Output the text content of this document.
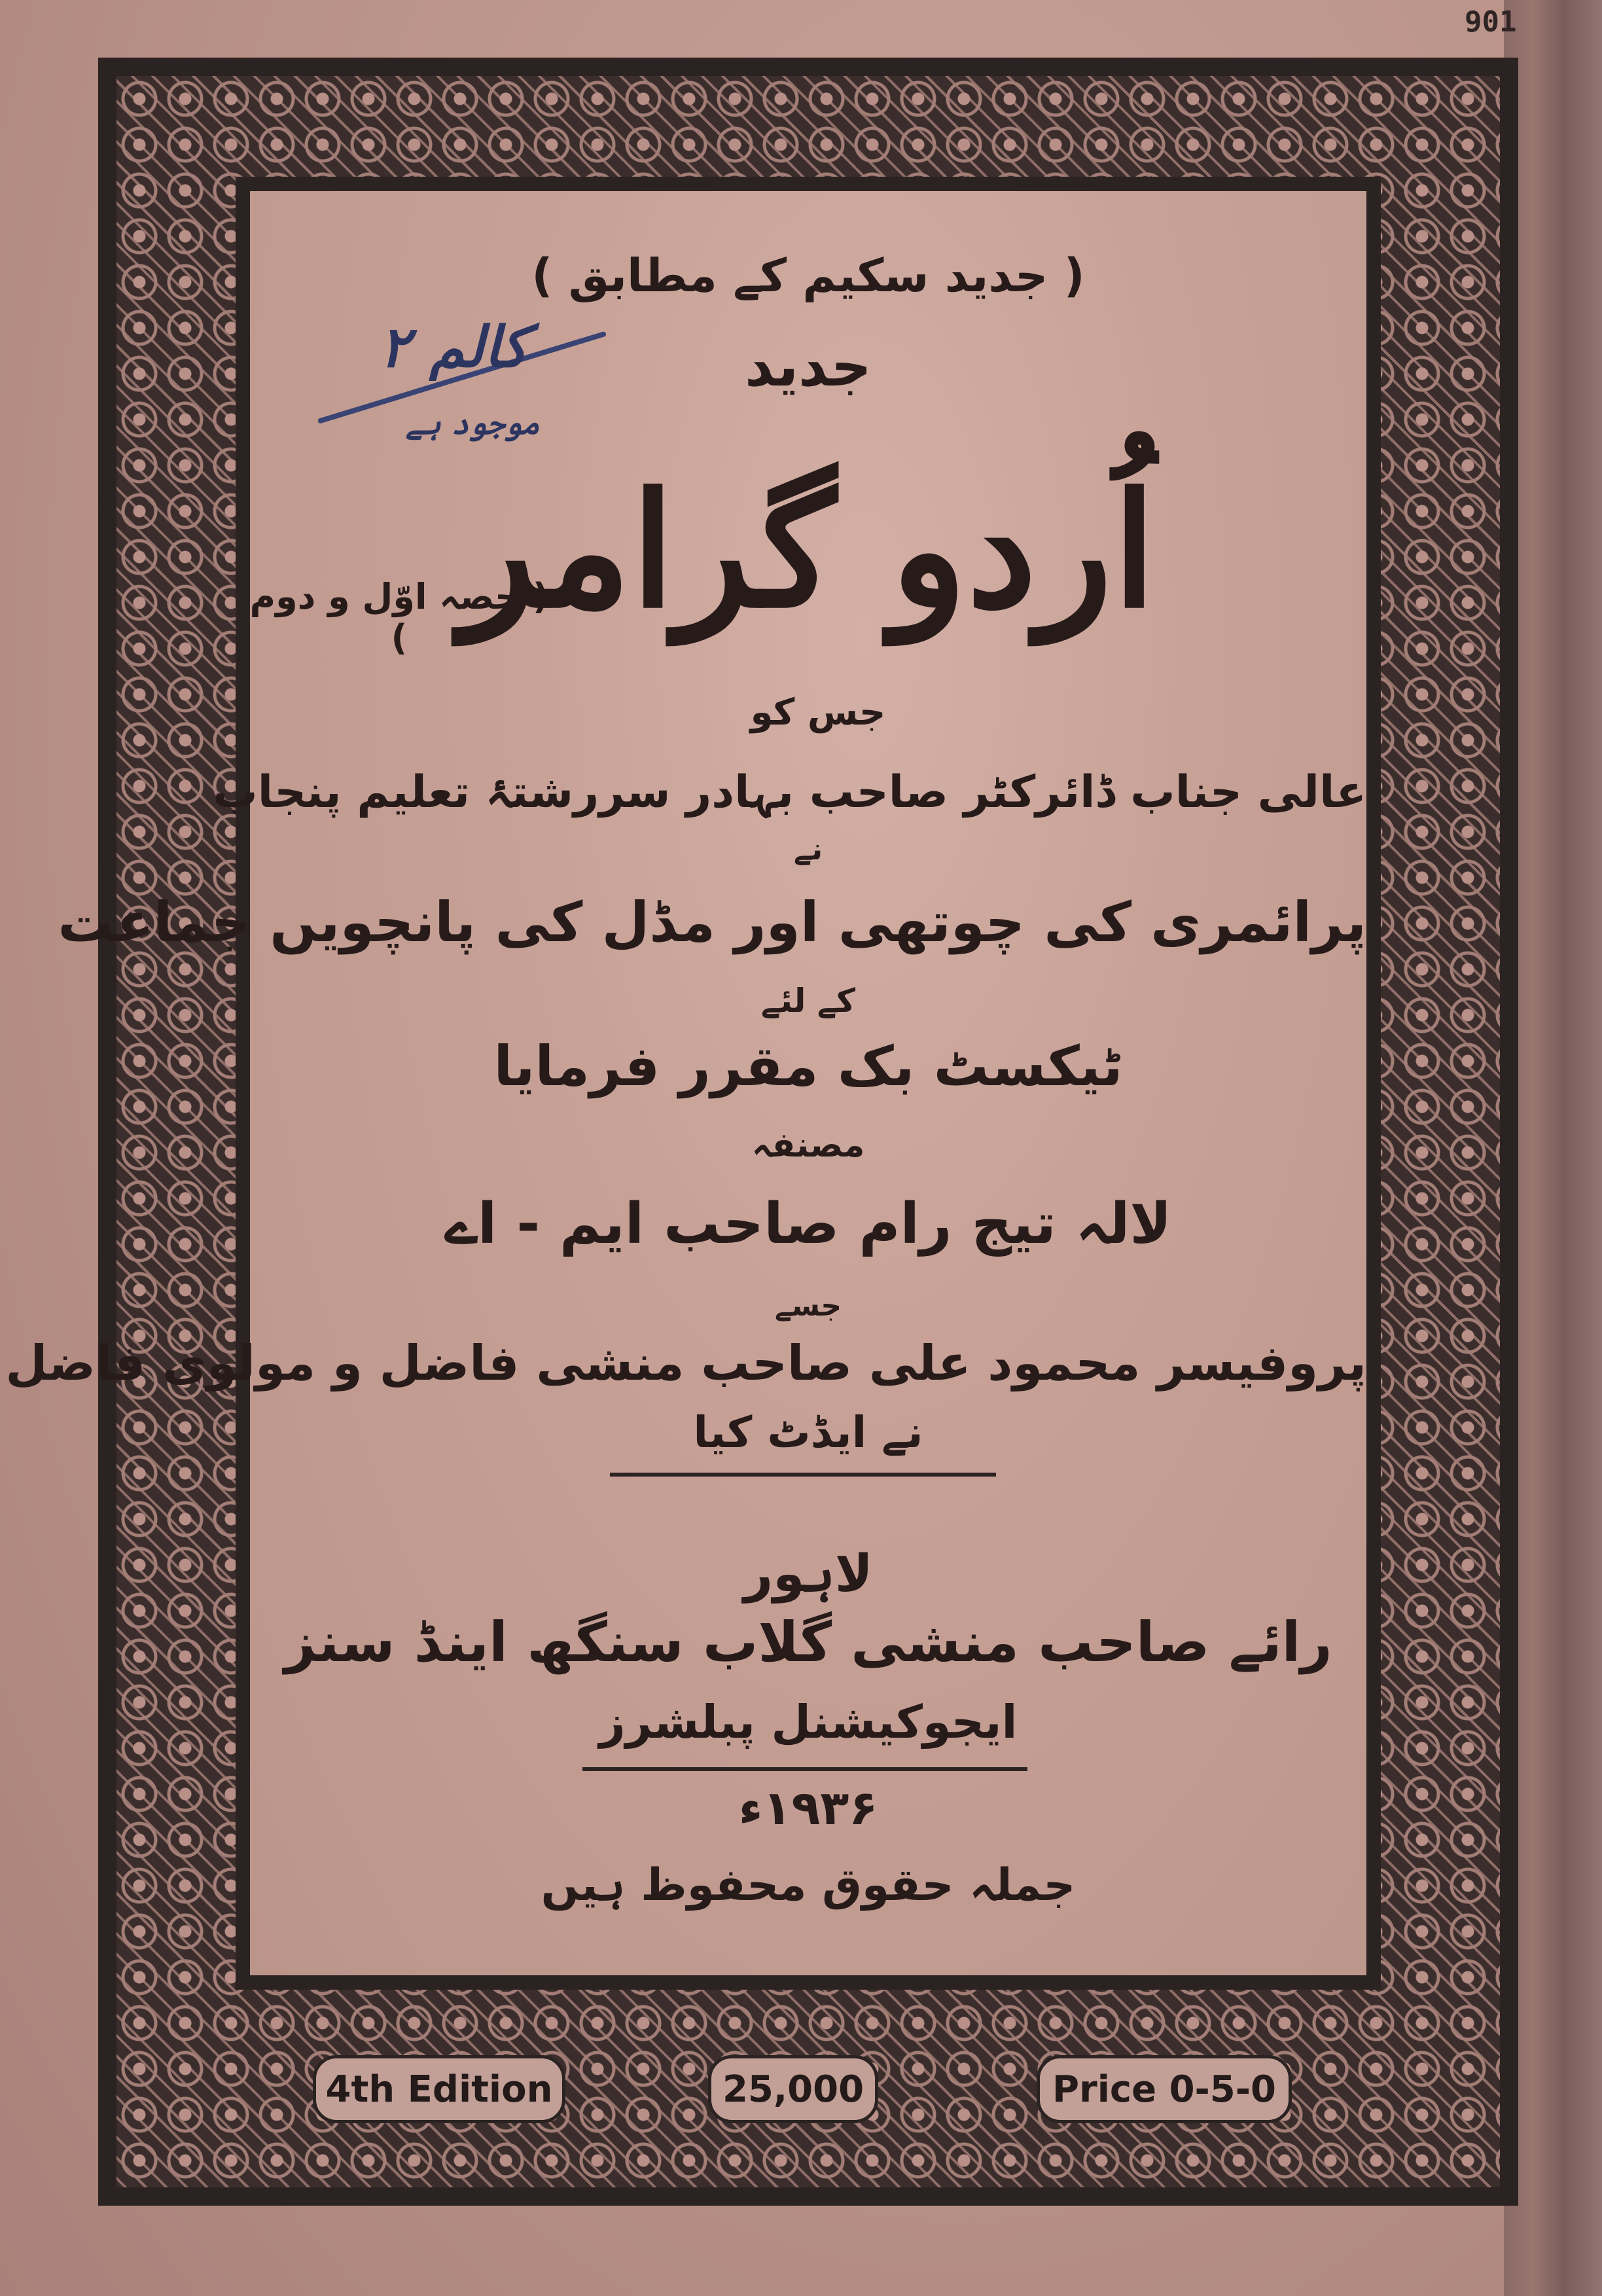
901
( جدید سکیم کے مطابق )
جدید
اُردو گرامر
( حصہ اوّل و دوم )
جس کو
عالی جناب ڈائرکٹر صاحب بہادر سررشتۂ تعلیم پنجاب
نے
پرائمری کی چوتھی اور مڈل کی پانچویں جماعت
کے لئے
ٹیکسٹ بک مقرر فرمایا
مصنفہ
لالہ تیج رام صاحب ایم - اے
جسے
پروفیسر محمود علی صاحب منشی فاضل و مولوی فاضل
نے ایڈٹ کیا
لاہور
رائے صاحب منشی گلاب سنگھ اینڈ سنز
ایجوکیشنل پبلشرز
۱۹۳۶ء
جملہ حقوق محفوظ ہیں
کالم ۲
موجود ہے
4th Edition	25,000	Price 0-5-0
